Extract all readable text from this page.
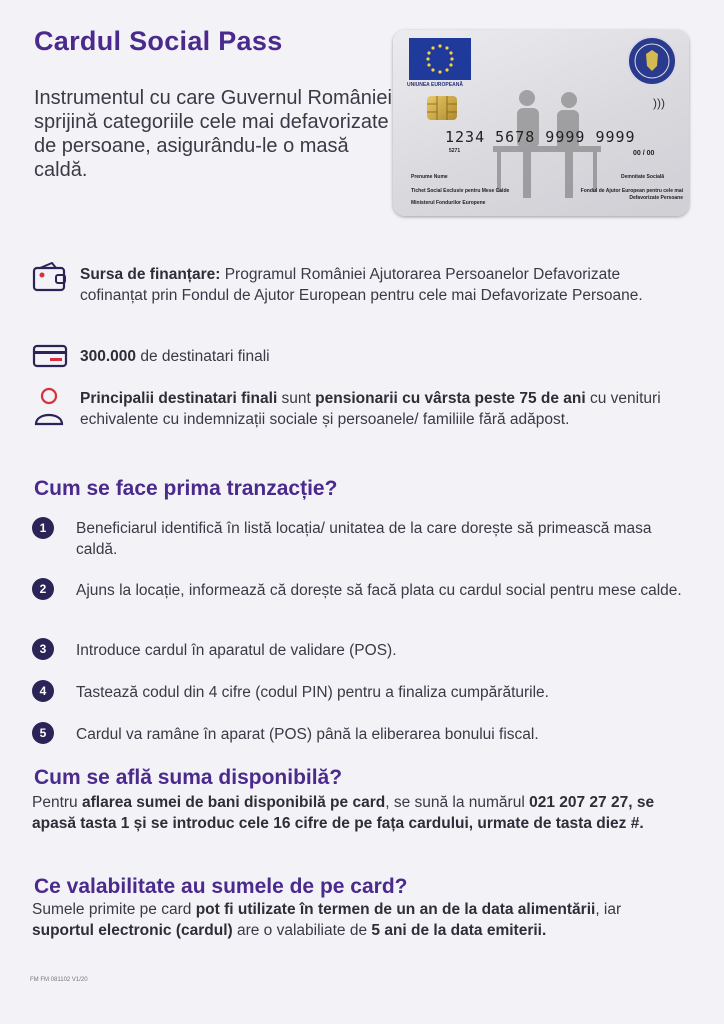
Cardul Social Pass
Instrumentul cu care Guvernul României sprijină categoriile cele mai defavorizate de persoane, asigurându-le o masă caldă.
UNIUNEA EUROPEANĂ
)))
1234 5678 9999 9999
5271	00 / 00
Prenume Nume
Tichet Social Exclusiv pentru Mese Calde
Ministerul Fondurilor Europene
Demnitate Socială
Fondul de Ajutor European pentru cele mai Defavorizate Persoane
Sursa de finanțare: Programul României Ajutorarea Persoanelor Defavorizate cofinanțat prin Fondul de Ajutor European pentru cele mai Defavorizate Persoane.
300.000 de destinatari finali
Principalii destinatari finali sunt pensionarii cu vârsta peste 75 de ani cu venituri echivalente cu indemnizații sociale și persoanele/ familiile fără adăpost.
Cum se face prima tranzacție?
1	Beneficiarul identifică în listă locația/ unitatea de la care dorește să primească masa caldă.
2	Ajuns la locație, informează că dorește să facă plata cu cardul social pentru mese calde.
3	Introduce cardul în aparatul de validare (POS).
4	Tastează codul din 4 cifre (codul PIN) pentru a finaliza cumpărăturile.
5	Cardul va ramâne în aparat (POS) până la eliberarea bonului fiscal.
Cum se află suma disponibilă?
Pentru aflarea sumei de bani disponibilă pe card, se sună la numărul 021 207 27 27, se apasă tasta 1 și se introduc cele 16 cifre de pe fața cardului, urmate de tasta diez #.
Ce valabilitate au sumele de pe card?
Sumele primite pe card pot fi utilizate în termen de un an de la data alimentării, iar suportul electronic (cardul) are o valabiliate de 5 ani de la data emiterii.
FM FM 081102 V1/20
